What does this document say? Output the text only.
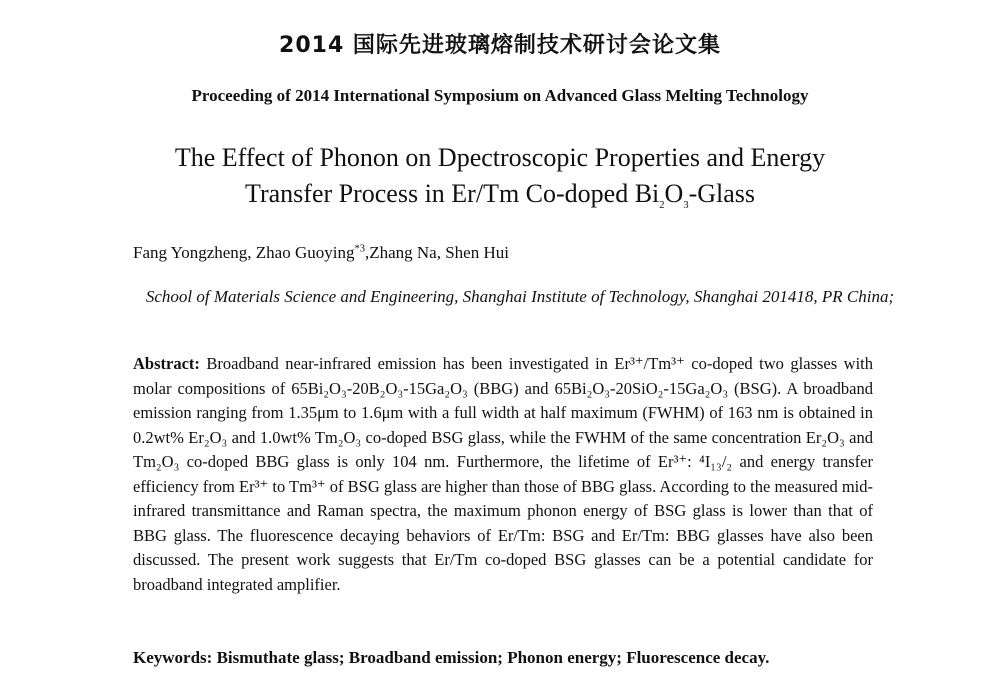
2014 国际先进玻璃熔制技术研讨会论文集
Proceeding of 2014 International Symposium on Advanced Glass Melting Technology
The Effect of Phonon on Dpectroscopic Properties and Energy
Transfer Process in Er/Tm Co-doped $Bi_2O_3$-Glass
Fang Yongzheng, Zhao Guoying$^{*3}$,Zhang Na, Shen Hui
School of Materials Science and Engineering, Shanghai Institute of Technology, Shanghai 201418, PR China;
Abstract: Broadband near-infrared emission has been investigated in Er³⁺/Tm³⁺ co-doped two glasses with molar compositions of 65Bi₂O₃-20B₂O₃-15Ga₂O₃ (BBG) and 65Bi₂O₃-20SiO₂-15Ga₂O₃ (BSG). A broadband emission ranging from 1.35μm to 1.6μm with a full width at half maximum (FWHM) of 163 nm is obtained in 0.2wt% Er₂O₃ and 1.0wt% Tm₂O₃ co-doped BSG glass, while the FWHM of the same concentration Er₂O₃ and Tm₂O₃ co-doped BBG glass is only 104 nm. Furthermore, the lifetime of Er³⁺: ⁴I₁₃/₂ and energy transfer efficiency from Er³⁺ to Tm³⁺ of BSG glass are higher than those of BBG glass. According to the measured mid-infrared transmittance and Raman spectra, the maximum phonon energy of BSG glass is lower than that of BBG glass. The fluorescence decaying behaviors of Er/Tm: BSG and Er/Tm: BBG glasses have also been discussed. The present work suggests that Er/Tm co-doped BSG glasses can be a potential candidate for broadband integrated amplifier.
Keywords: Bismuthate glass; Broadband emission; Phonon energy; Fluorescence decay.
